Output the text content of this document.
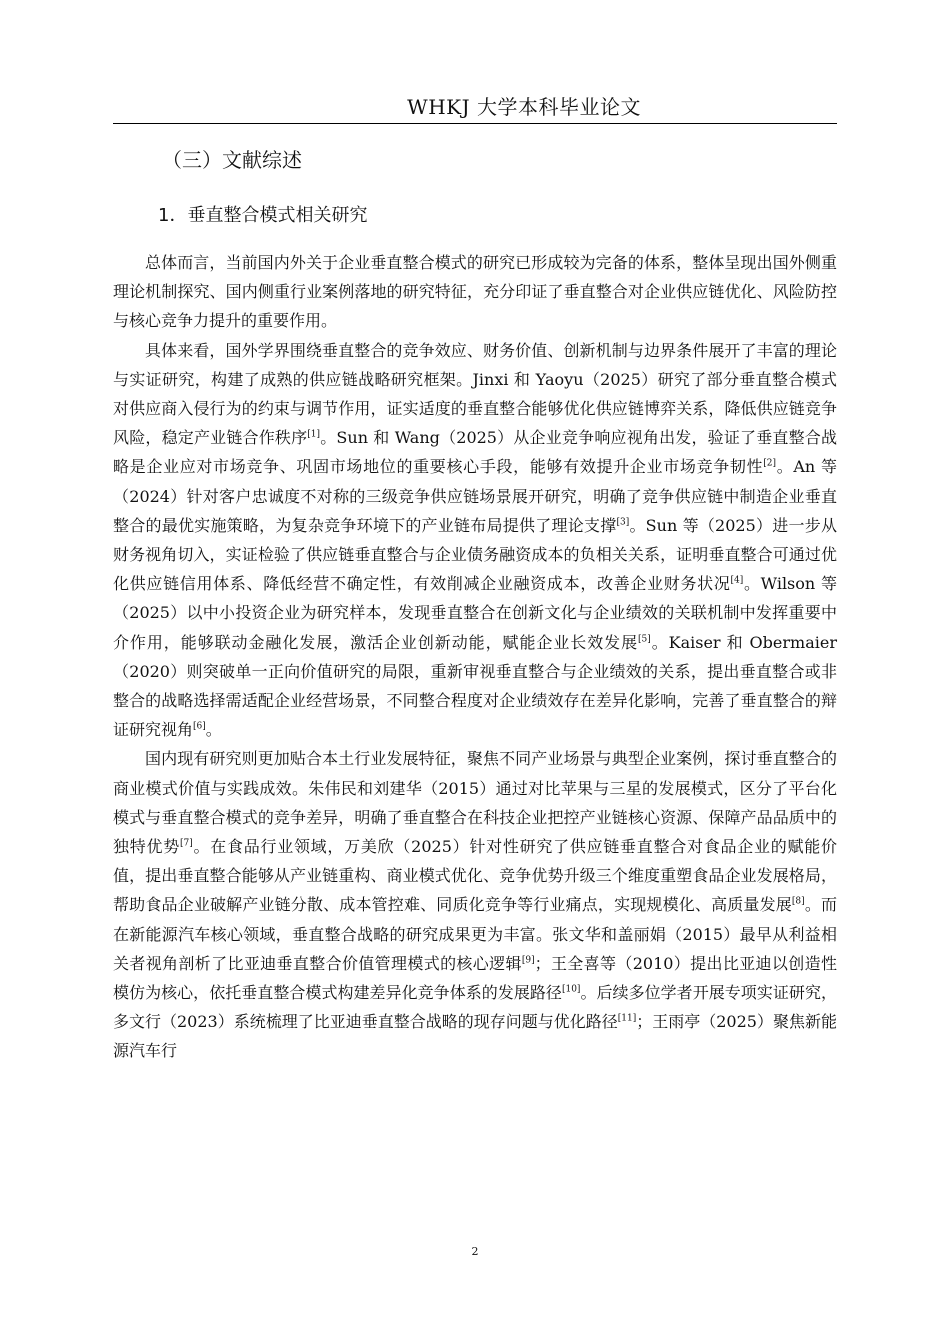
WHKJ 大学本科毕业论文
（三）文献综述
1．垂直整合模式相关研究

总体而言，当前国内外关于企业垂直整合模式的研究已形成较为完备的体系，整体呈现出国外侧重理论机制探究、国内侧重行业案例落地的研究特征，充分印证了垂直整合对企业供应链优化、风险防控与核心竞争力提升的重要作用。

具体来看，国外学界围绕垂直整合的竞争效应、财务价值、创新机制与边界条件展开了丰富的理论与实证研究，构建了成熟的供应链战略研究框架。Jinxi 和 Yaoyu（2025）研究了部分垂直整合模式对供应商入侵行为的约束与调节作用，证实适度的垂直整合能够优化供应链博弈关系，降低供应链竞争风险，稳定产业链合作秩序[1]。Sun 和 Wang（2025）从企业竞争响应视角出发，验证了垂直整合战略是企业应对市场竞争、巩固市场地位的重要核心手段，能够有效提升企业市场竞争韧性[2]。An 等（2024）针对客户忠诚度不对称的三级竞争供应链场景展开研究，明确了竞争供应链中制造企业垂直整合的最优实施策略，为复杂竞争环境下的产业链布局提供了理论支撑[3]。Sun 等（2025）进一步从财务视角切入，实证检验了供应链垂直整合与企业债务融资成本的负相关关系，证明垂直整合可通过优化供应链信用体系、降低经营不确定性，有效削减企业融资成本，改善企业财务状况[4]。Wilson 等（2025）以中小投资企业为研究样本，发现垂直整合在创新文化与企业绩效的关联机制中发挥重要中介作用，能够联动金融化发展，激活企业创新动能，赋能企业长效发展[5]。Kaiser 和 Obermaier（2020）则突破单一正向价值研究的局限，重新审视垂直整合与企业绩效的关系，提出垂直整合或非整合的战略选择需适配企业经营场景，不同整合程度对企业绩效存在差异化影响，完善了垂直整合的辩证研究视角[6]。

国内现有研究则更加贴合本土行业发展特征，聚焦不同产业场景与典型企业案例，探讨垂直整合的商业模式价值与实践成效。朱伟民和刘建华（2015）通过对比苹果与三星的发展模式，区分了平台化模式与垂直整合模式的竞争差异，明确了垂直整合在科技企业把控产业链核心资源、保障产品品质中的独特优势[7]。在食品行业领域，万美欣（2025）针对性研究了供应链垂直整合对食品企业的赋能价值，提出垂直整合能够从产业链重构、商业模式优化、竞争优势升级三个维度重塑食品企业发展格局，帮助食品企业破解产业链分散、成本管控难、同质化竞争等行业痛点，实现规模化、高质量发展[8]。而在新能源汽车核心领域，垂直整合战略的研究成果更为丰富。张文华和盖丽娟（2015）最早从利益相关者视角剖析了比亚迪垂直整合价值管理模式的核心逻辑[9]；王全喜等（2010）提出比亚迪以创造性模仿为核心，依托垂直整合模式构建差异化竞争体系的发展路径[10]。后续多位学者开展专项实证研究，多文行（2023）系统梳理了比亚迪垂直整合战略的现存问题与优化路径[11]；王雨亭（2025）聚焦新能源汽车行

2
